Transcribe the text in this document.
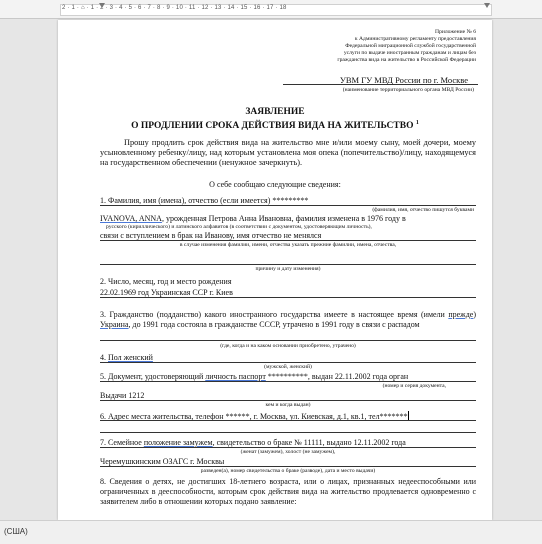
2 · 1 · ⌂ · 1 · 2 · 3 · 4 · 5 · 6 · 7 · 8 · 9 · 10 · 11 · 12 · 13 · 14 · 15 · 16 · 17 · 18
Приложение № 6
к Административному регламенту предоставления
Федеральной миграционной службой государственной
услуги по выдаче иностранным гражданам и лицам без
гражданства вида на жительство в Российской Федерации
УВМ ГУ МВД России по г. Москве
(наименование территориального органа МВД России)
ЗАЯВЛЕНИЕ
О ПРОДЛЕНИИ СРОКА ДЕЙСТВИЯ ВИДА НА ЖИТЕЛЬСТВО $^1$
Прошу продлить срок действия вида на жительство мне и/или моему сыну, моей дочери, моему усыновленному ребенку/лицу, над которым установлена моя опека (попечительство)/лицу, находящемуся на государственном обеспечении (ненужное зачеркнуть).
О себе сообщаю следующие сведения:
1. Фамилия, имя (имена), отчество (если имеется) *********
(фамилия, имя, отчество пишутся буквами
IVANOVA, ANNA, урожденная Петрова Анна Ивановна, фамилия изменена в 1976 году в
русского (кириллического) и латинского алфавитов (в соответствии с документом, удостоверяющим личность),
связи с вступлением в брак на Иванову, имя отчество не менялся
в случае изменения фамилии, имени, отчества указать прежние фамилии, имена, отчества,
причину и дату изменения)
2. Число, месяц, год и место рождения
22.02.1969 год Украинская ССР г. Киев
3. Гражданство (подданство) какого иностранного государства имеете в настоящее время (имели прежде) Украина, до 1991 года состояла в гражданстве СССР, утрачено в 1991 году в связи с распадом
(где, когда и на каком основании приобретено, утрачено)
4. Пол женский
(мужской, женский)
5. Документ, удостоверяющий личность паспорт **********, выдан 22.11.2002 года орган
(номер и серия документа,
Выдачи 1212
кем и когда выдан)
6. Адрес места жительства, телефон ******, г. Москва, ул. Киевская, д.1, кв.1, тел*******
7. Семейное положение замужем, свидетельство о браке № 11111, выдано 12.11.2002 года
(женат (замужем), холост (не замужем),
Черемушкинским ОЗАГС г. Москвы
разведен(а), номер свидетельства о браке (разводе), дата и место выдачи)
8. Сведения о детях, не достигших 18-летнего возраста, или о лицах, признанных недееспособными или ограниченных в дееспособности, которым срок действия вида на жительство продлевается одновременно с заявителем либо в отношении которых подано заявление:
(США)
